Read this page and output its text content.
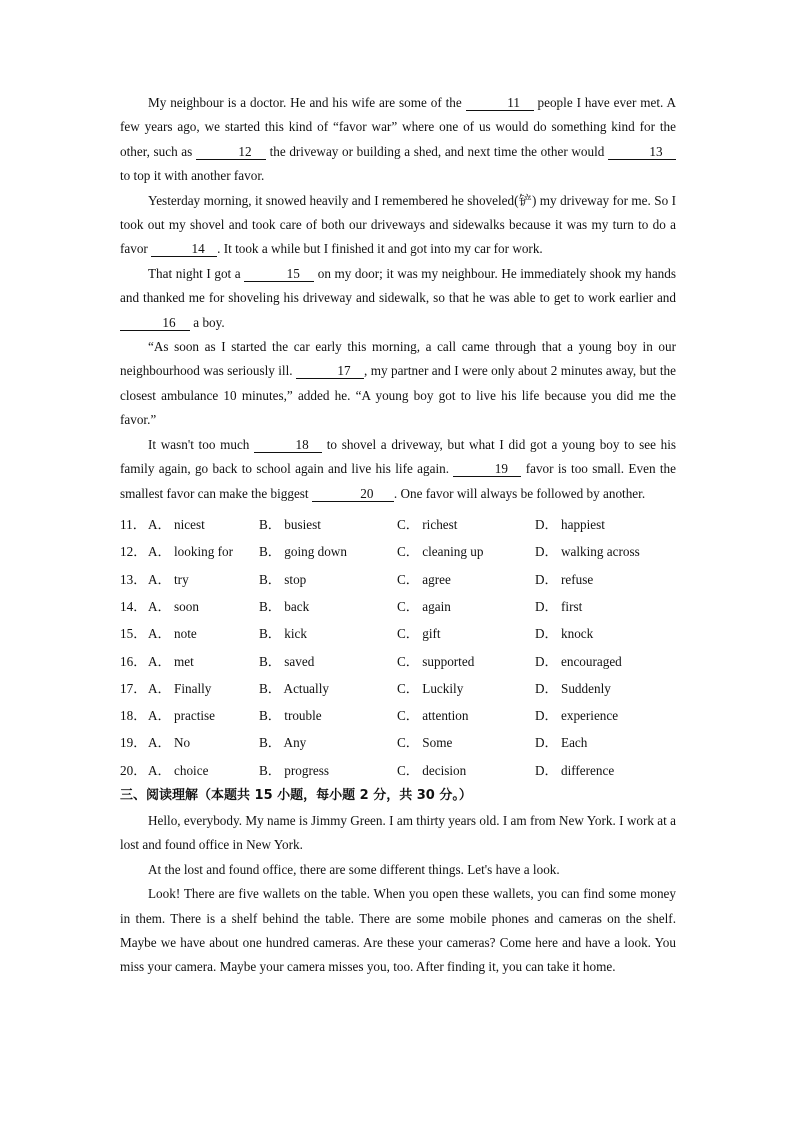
My neighbour is a doctor. He and his wife are some of the	11 people I have ever met. A few years ago, we started this kind of “favor war” where one of us would do something kind for the other, such as	12 the driveway or building a shed, and next time the other would	13 to top it with another favor.

Yesterday morning, it snowed heavily and I remembered he shoveled(铲) my driveway for me. So I took out my shovel and took care of both our driveways and sidewalks because it was my turn to do a favor	14 . It took a while but I finished it and got into my car for work.

That night I got a	15 on my door; it was my neighbour. He immediately shook my hands and thanked me for shoveling his driveway and sidewalk, so that he was able to get to work earlier and 16 a boy.

“As soon as I started the car early this morning, a call came through that a young boy in our neighbourhood was seriously ill.	17 , my partner and I were only about 2 minutes away, but the closest ambulance 10 minutes,” added he. “A young boy got to live his life because you did me the favor.”

It wasn't too much	18 to shovel a driveway, but what I did got a young boy to see his family again, go back to school again and live his life again.	19 favor is too small. Even the smallest favor can make the biggest	20 . One favor will always be followed by another.

11． A． nicest	B． busiest	C． richest	D． happiest
12． A． looking for	B． going down	C． cleaning up	D． walking across
13． A． try	B． stop	C． agree	D． refuse
14． A． soon	B． back	C． again	D． first
15． A． note	B． kick	C． gift	D． knock
16． A． met	B． saved	C． supported	D． encouraged
17． A． Finally	B． Actually	C． Luckily	D． Suddenly
18． A． practise	B． trouble	C． attention	D． experience
19． A． No	B． Any	C． Some	D． Each
20． A． choice	B． progress	C． decision	D． difference

三、阅读理解（本题共 15 小题，每小题 2 分，共 30 分。）

Hello, everybody. My name is Jimmy Green. I am thirty years old. I am from New York. I work at a lost and found office in New York.

At the lost and found office, there are some different things. Let's have a look.

Look! There are five wallets on the table. When you open these wallets, you can find some money in them. There is a shelf behind the table. There are some mobile phones and cameras on the shelf. Maybe we have about one hundred cameras. Are these your cameras? Come here and have a look. You miss your camera. Maybe your camera misses you, too. After finding it, you can take it home.
